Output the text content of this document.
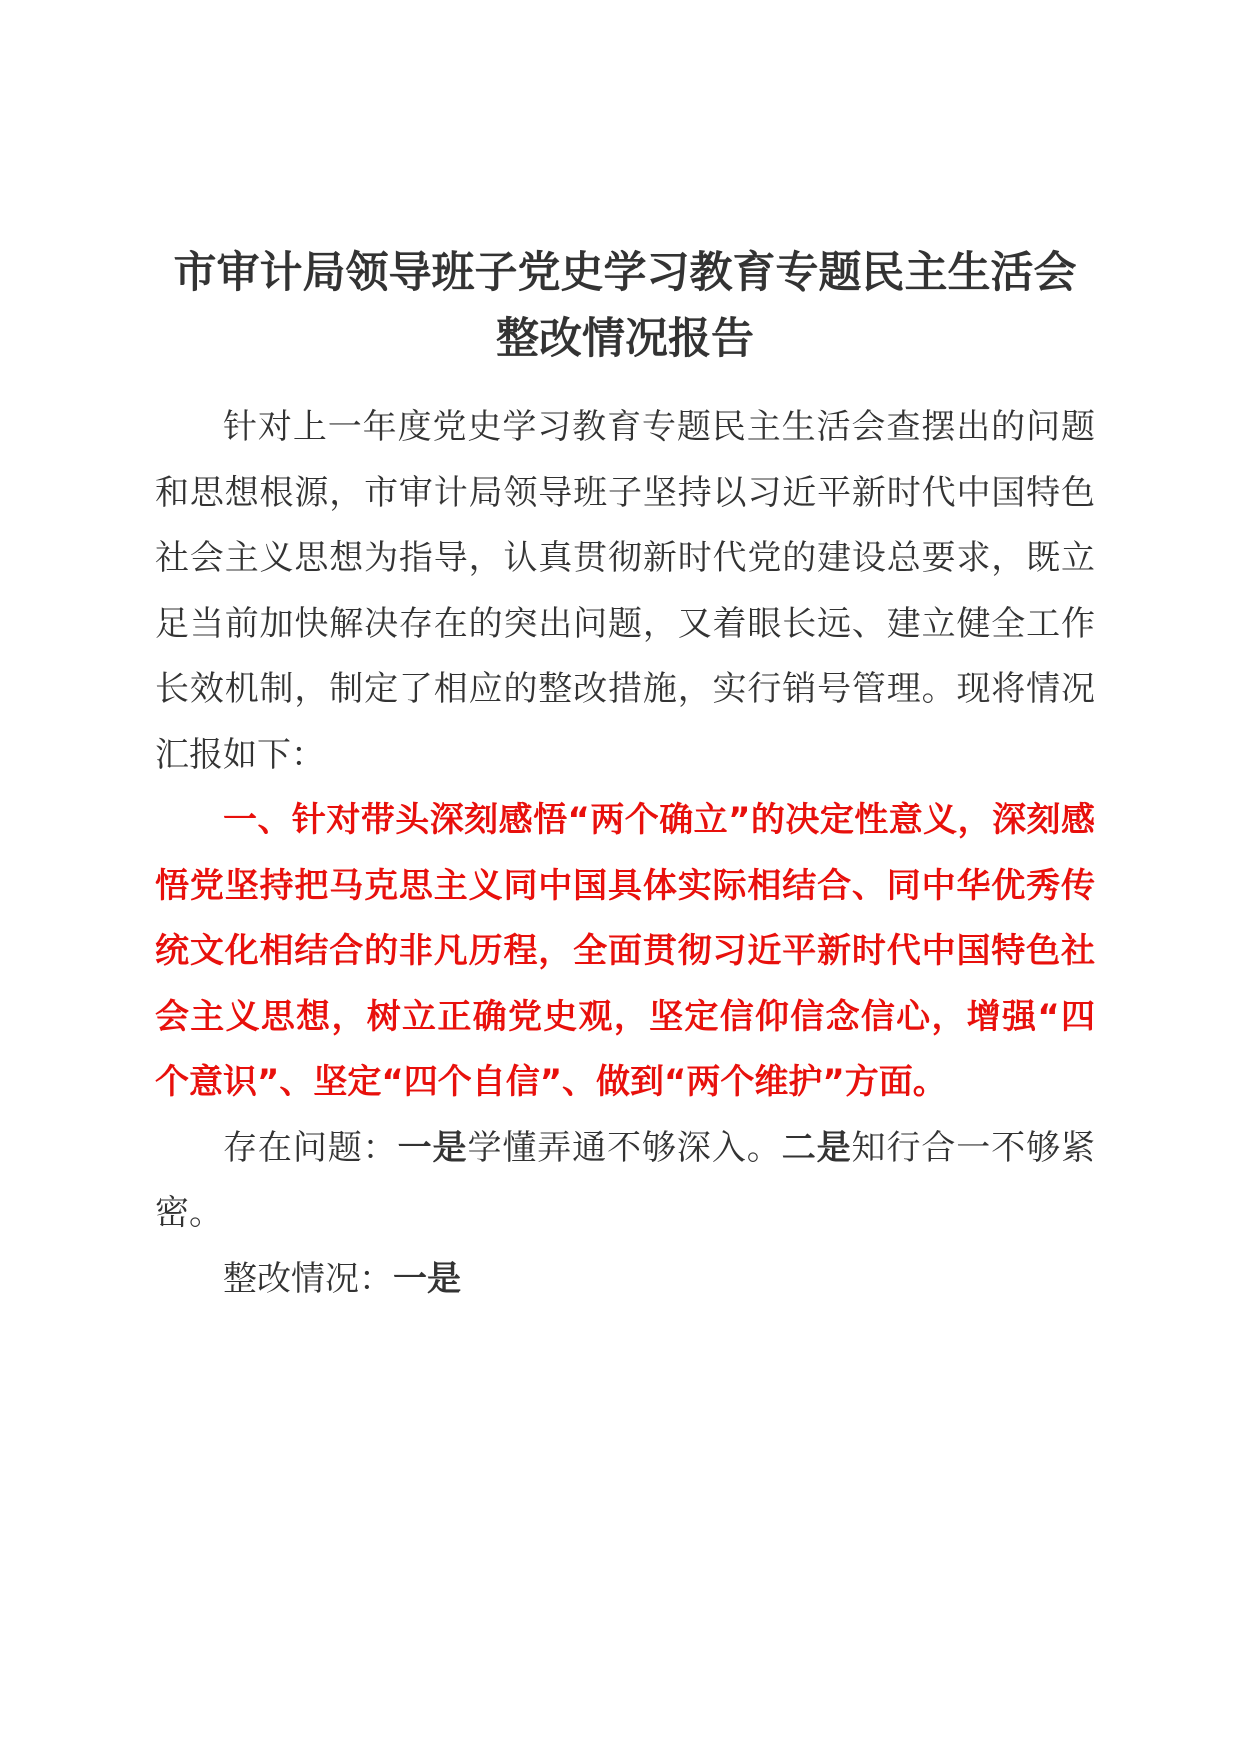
市审计局领导班子党史学习教育专题民主生活会整改情况报告

针对上一年度党史学习教育专题民主生活会查摆出的问题和思想根源，市审计局领导班子坚持以习近平新时代中国特色社会主义思想为指导，认真贯彻新时代党的建设总要求，既立足当前加快解决存在的突出问题，又着眼长远、建立健全工作长效机制，制定了相应的整改措施，实行销号管理。现将情况汇报如下：

一、针对带头深刻感悟“两个确立”的决定性意义，深刻感悟党坚持把马克思主义同中国具体实际相结合、同中华优秀传统文化相结合的非凡历程，全面贯彻习近平新时代中国特色社会主义思想，树立正确党史观，坚定信仰信念信心，增强“四个意识”、坚定“四个自信”、做到“两个维护”方面。

存在问题：一是学懂弄通不够深入。二是知行合一不够紧密。

整改情况：一是
